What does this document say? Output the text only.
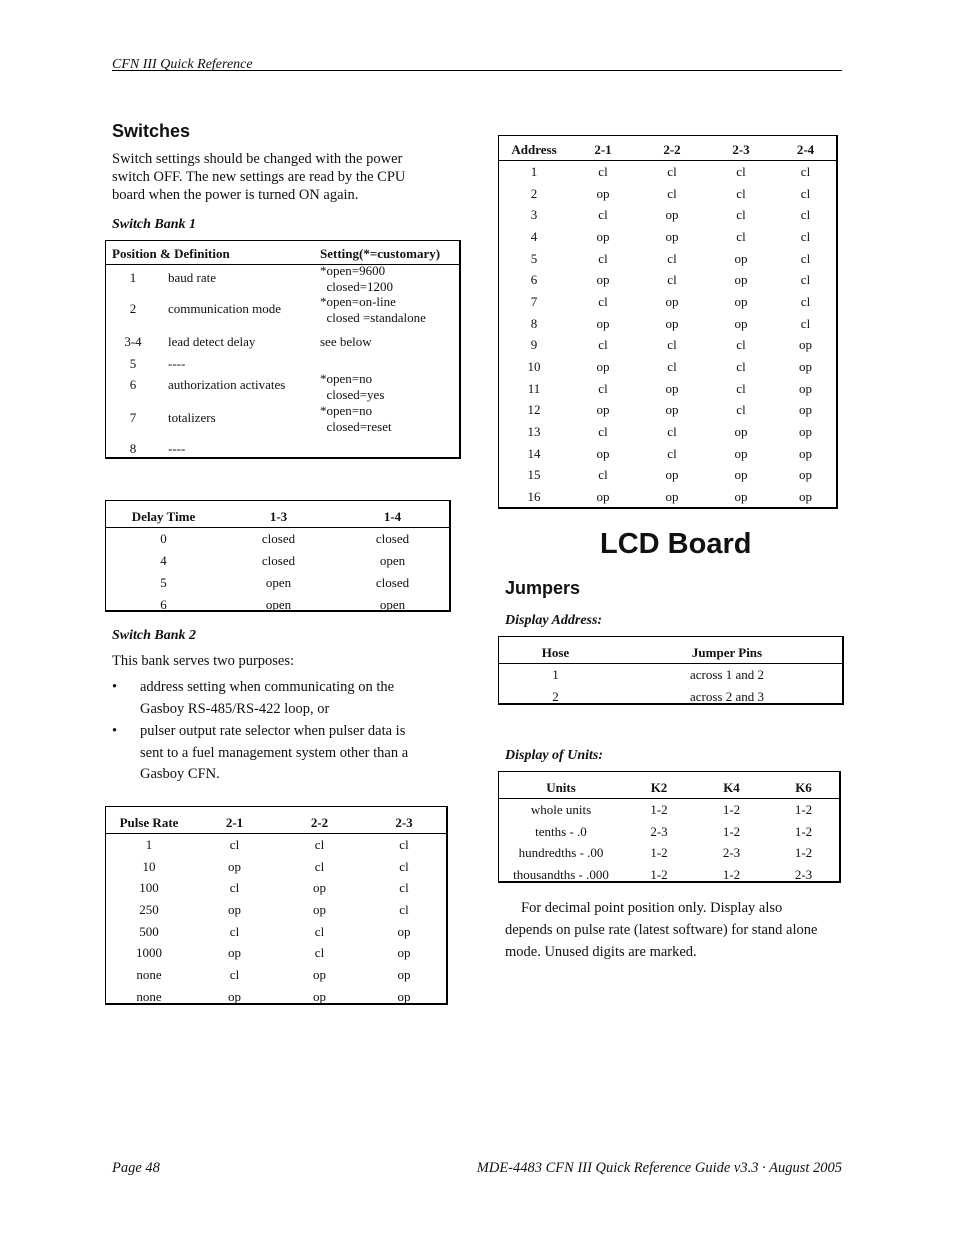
CFN III Quick Reference
Switches
Switch settings should be changed with the power
switch OFF. The new settings are read by the CPU
board when the power is turned ON again.
Switch Bank 1
Position & Definition	Setting(*=customary)
1	baud rate	*open=9600
closed=1200
2	communication mode	*open=on-line
closed =standalone
3-4	lead detect delay	see below
5	----
6	authorization activates	*open=no
closed=yes
7	totalizers	*open=no
closed=reset
8	----
Delay Time	1-3	1-4
0	closed	closed
4	closed	open
5	open	closed
6	open	open
Switch Bank 2
This bank serves two purposes:
• address setting when communicating on the
Gasboy RS-485/RS-422 loop, or
• pulser output rate selector when pulser data is
sent to a fuel management system other than a
Gasboy CFN.
Pulse Rate	2-1	2-2	2-3
1	cl	cl	cl
10	op	cl	cl
100	cl	op	cl
250	op	op	cl
500	cl	cl	op
1000	op	cl	op
none	cl	op	op
none	op	op	op
Address	2-1	2-2	2-3	2-4
1	cl	cl	cl	cl
2	op	cl	cl	cl
3	cl	op	cl	cl
4	op	op	cl	cl
5	cl	cl	op	cl
6	op	cl	op	cl
7	cl	op	op	cl
8	op	op	op	cl
9	cl	cl	cl	op
10	op	cl	cl	op
11	cl	op	cl	op
12	op	op	cl	op
13	cl	cl	op	op
14	op	cl	op	op
15	cl	op	op	op
16	op	op	op	op
LCD Board
Jumpers
Display Address:
Hose	Jumper Pins
1	across 1 and 2
2	across 2 and 3
Display of Units:
Units	K2	K4	K6
whole units	1-2	1-2	1-2
tenths - .0	2-3	1-2	1-2
hundredths - .00	1-2	2-3	1-2
thousandths - .000	1-2	1-2	2-3
For decimal point position only. Display also
depends on pulse rate (latest software) for stand alone
mode. Unused digits are marked.
Page 48	MDE-4483 CFN III Quick Reference Guide v3.3 · August 2005
